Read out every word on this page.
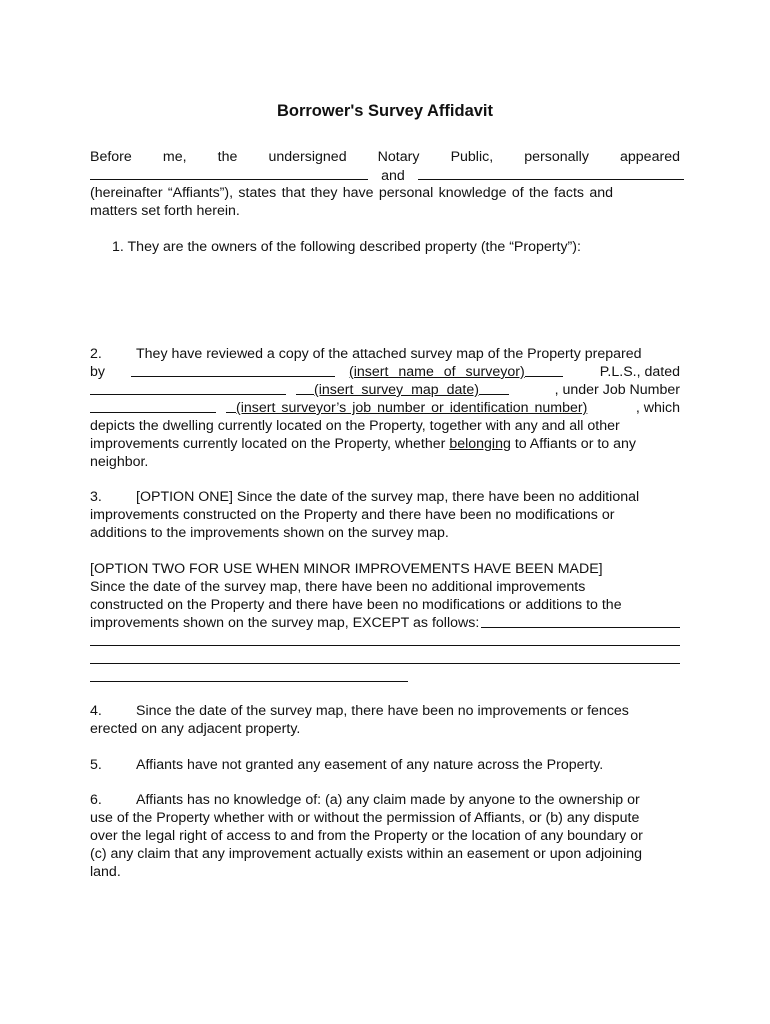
Borrower's Survey Affidavit
Before me, the undersigned Notary Public, personally appeared
and
(hereinafter “Affiants”), states that they have personal knowledge of the facts and
matters set forth herein.
1. They are the owners of the following described property (the “Property”):
2. They have reviewed a copy of the attached survey map of the Property prepared
by	(insert name of surveyor)	P.L.S., dated
(insert survey map date)	, under Job Number
(insert surveyor’s job number or identification number)	, which
depicts the dwelling currently located on the Property, together with any and all other
improvements currently located on the Property, whether belonging to Affiants or to any
neighbor.
3. [OPTION ONE] Since the date of the survey map, there have been no additional
improvements constructed on the Property and there have been no modifications or
additions to the improvements shown on the survey map.
[OPTION TWO FOR USE WHEN MINOR IMPROVEMENTS HAVE BEEN MADE]
Since the date of the survey map, there have been no additional improvements
constructed on the Property and there have been no modifications or additions to the
improvements shown on the survey map, EXCEPT as follows:
4. Since the date of the survey map, there have been no improvements or fences
erected on any adjacent property.
5. Affiants have not granted any easement of any nature across the Property.
6. Affiants has no knowledge of: (a) any claim made by anyone to the ownership or
use of the Property whether with or without the permission of Affiants, or (b) any dispute
over the legal right of access to and from the Property or the location of any boundary or
(c) any claim that any improvement actually exists within an easement or upon adjoining
land.
